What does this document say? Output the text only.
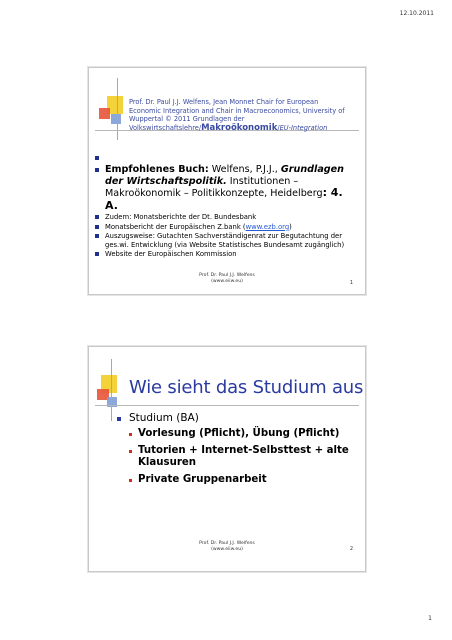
12.10.2011
Prof. Dr. Paul J.J. Welfens, Jean Monnet Chair for European Economic Integration and Chair in Macroeconomics, University of Wuppertal © 2011 Grundlagen der Volkswirtschaftslehre/Makroökonomik/EU-Integration
Empfohlenes Buch: Welfens, P.J.J., Grundlagen der Wirtschaftspolitik. Institutionen – Makroökonomik – Politikkonzepte, Heidelberg: 4. A.
Zudem: Monatsberichte der Dt. Bundesbank
Monatsbericht der Europäischen Z.bank (www.ezb.org)
Auszugsweise: Gutachten Sachverständigenrat zur Begutachtung der ges.wi. Entwicklung (via Website Statistisches Bundesamt zugänglich)
Website der Europäischen Kommission
Prof. Dr. Paul J.J. Welfens
(www.eiiw.eu)	1
Wie sieht das Studium aus
Studium (BA)
Vorlesung (Pflicht), Übung (Pflicht)
Tutorien + Internet-Selbsttest + alte Klausuren
Private Gruppenarbeit
Prof. Dr. Paul J.J. Welfens
(www.eiiw.eu)	2
1
